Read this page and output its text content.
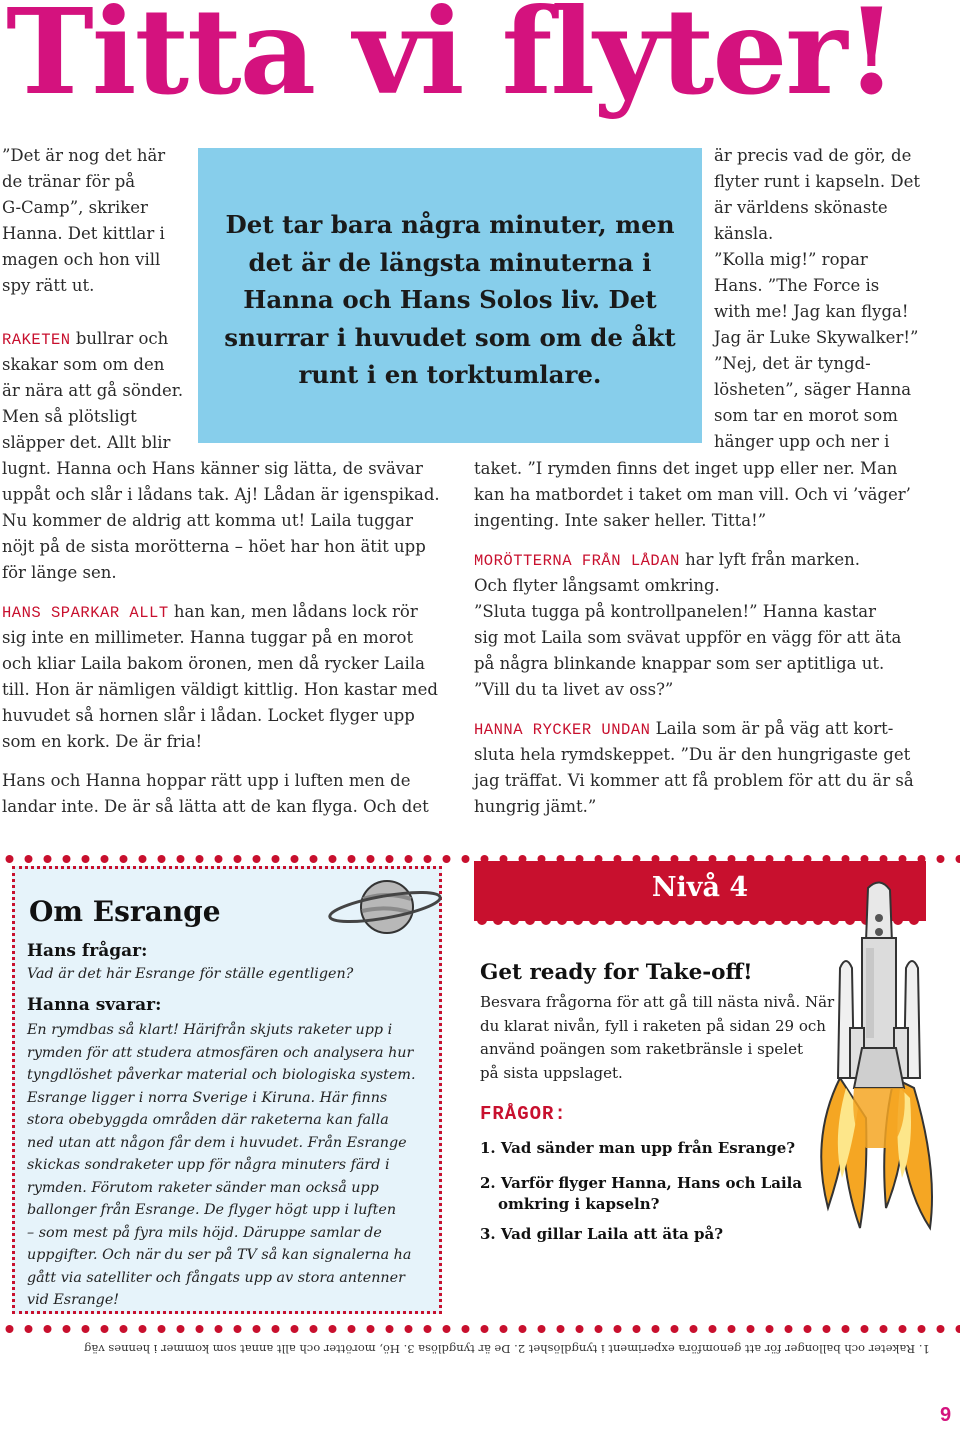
Titta vi flyter!
”Det är nog det här
de tränar för på
G-Camp”, skriker
Hanna. Det kittlar i
magen och hon vill
spy rätt ut.
RAKETEN bullrar och
skakar som om den
är nära att gå sönder.
Men så plötsligt
släpper det. Allt blir
lugnt. Hanna och Hans känner sig lätta, de svävar
uppåt och slår i lådans tak. Aj! Lådan är igenspikad.
Nu kommer de aldrig att komma ut! Laila tuggar
nöjt på de sista morötterna – höet har hon ätit upp
för länge sen.
HANS SPARKAR ALLT han kan, men lådans lock rör
sig inte en millimeter. Hanna tuggar på en morot
och kliar Laila bakom öronen, men då rycker Laila
till. Hon är nämligen väldigt kittlig. Hon kastar med
huvudet så hornen slår i lådan. Locket flyger upp
som en kork. De är fria!
Hans och Hanna hoppar rätt upp i luften men de
landar inte. De är så lätta att de kan flyga. Och det

Det tar bara några minuter, men det är de längsta minuterna i Hanna och Hans Solos liv. Det snurrar i huvudet som om de åkt runt i en torktumlare.

är precis vad de gör, de
flyter runt i kapseln. Det
är världens skönaste
känsla.
”Kolla mig!” ropar
Hans. ”The Force is
with me! Jag kan flyga!
Jag är Luke Skywalker!”
”Nej, det är tyngd-
lösheten”, säger Hanna
som tar en morot som
hänger upp och ner i
taket. ”I rymden finns det inget upp eller ner. Man
kan ha matbordet i taket om man vill. Och vi ’väger’
ingenting. Inte saker heller. Titta!”
MORÖTTERNA FRÅN LÅDAN har lyft från marken.
Och flyter långsamt omkring.
”Sluta tugga på kontrollpanelen!” Hanna kastar
sig mot Laila som svävat uppför en vägg för att äta
på några blinkande knappar som ser aptitliga ut.
”Vill du ta livet av oss?”
HANNA RYCKER UNDAN Laila som är på väg att kort-
sluta hela rymdskeppet. ”Du är den hungrigaste get
jag träffat. Vi kommer att få problem för att du är så
hungrig jämt.”
Om Esrange
Hans frågar:
Vad är det här Esrange för ställe egentligen?
Hanna svarar:
En rymdbas så klart! Härifrån skjuts raketer upp i
rymden för att studera atmosfären och analysera hur
tyngdlöshet påverkar material och biologiska system.
Esrange ligger i norra Sverige i Kiruna. Här finns
stora obebyggda områden där raketerna kan falla
ned utan att någon får dem i huvudet. Från Esrange
skickas sondraketer upp för några minuters färd i
rymden. Förutom raketer sänder man också upp
ballonger från Esrange. De flyger högt upp i luften
– som mest på fyra mils höjd. Däruppe samlar de
uppgifter. Och när du ser på TV så kan signalerna ha
gått via satelliter och fångats upp av stora antenner
vid Esrange!
Nivå 4
Get ready for Take-off!
Besvara frågorna för att gå till nästa nivå. När
du klarat nivån, fyll i raketen på sidan 29 och
använd poängen som raketbränsle i spelet
på sista uppslaget.
FRÅGOR:
1. Vad sänder man upp från Esrange?
2. Varför flyger Hanna, Hans och Laila
omkring i kapseln?
3. Vad gillar Laila att äta på?
1. Raketer och ballonger för att genomföra experiment i tyngdlöshet 2. De är tyngdlösa 3. Hö, morötter och allt annat som kommer i hennes väg
9
